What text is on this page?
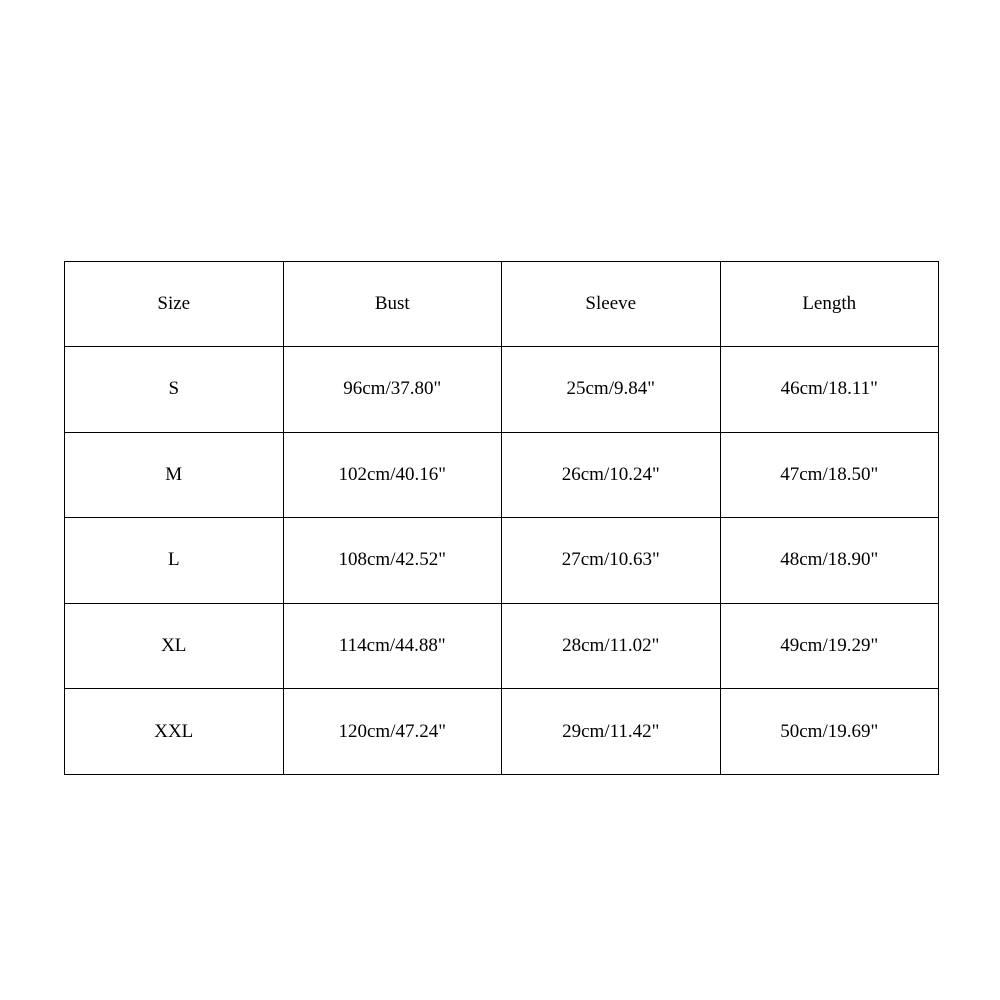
Size	Bust	Sleeve	Length
S	96cm/37.80"	25cm/9.84"	46cm/18.11"
M	102cm/40.16"	26cm/10.24"	47cm/18.50"
L	108cm/42.52"	27cm/10.63"	48cm/18.90"
XL	114cm/44.88"	28cm/11.02"	49cm/19.29"
XXL	120cm/47.24"	29cm/11.42"	50cm/19.69"
